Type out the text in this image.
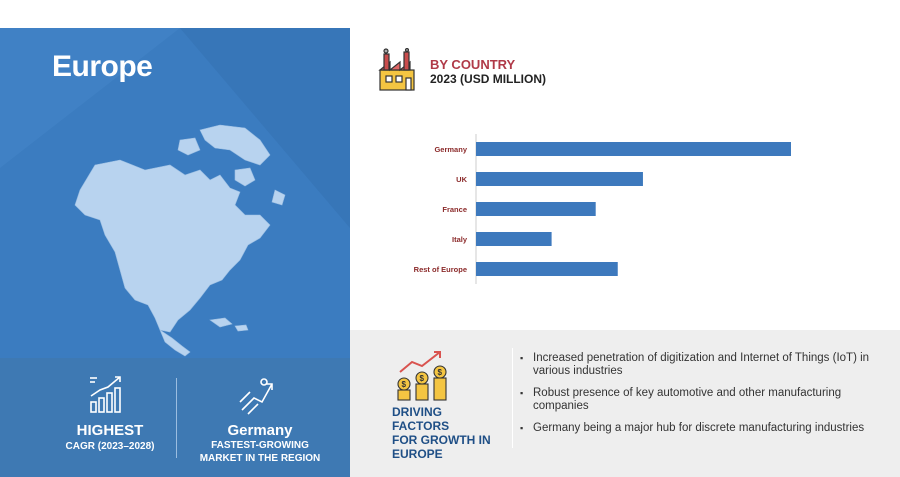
Europe
HIGHEST
CAGR (2023–2028)
Germany
FASTEST-GROWING
MARKET IN THE REGION
BY COUNTRY
2023 (USD MILLION)
Germany
UK
France
Italy
Rest of Europe
$
$
$
DRIVING FACTORS
FOR GROWTH IN
EUROPE
▪ Increased penetration of digitization and Internet of Things (IoT) in various industries
▪ Robust presence of key automotive and other manufacturing companies
▪ Germany being a major hub for discrete manufacturing industries
